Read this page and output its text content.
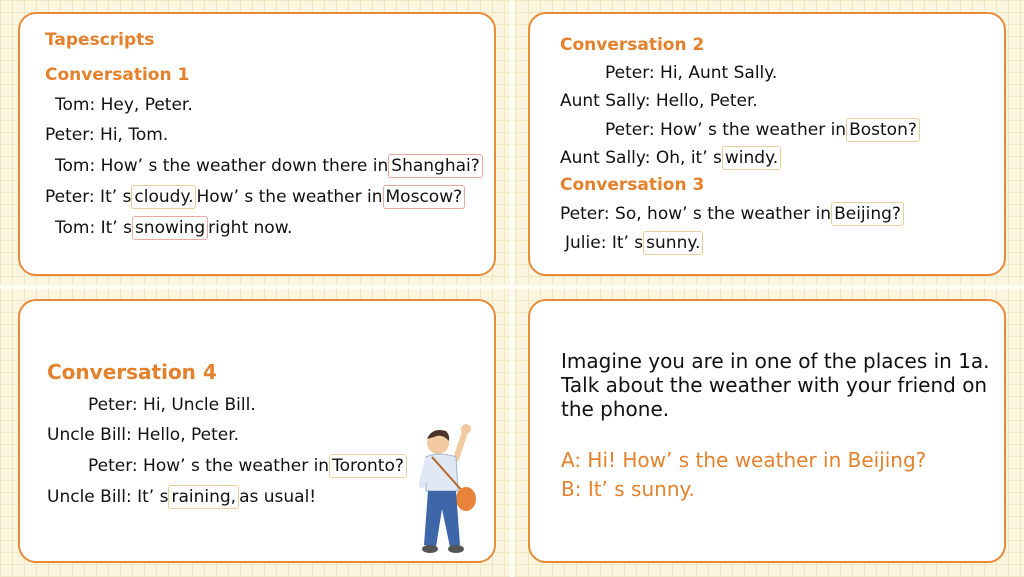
Tapescripts
Conversation 1
Tom: Hey, Peter.
Peter: Hi, Tom.
Tom: How’ s the weather down there in Shanghai?
Peter: It’ s cloudy. How’ s the weather in Moscow?
Tom: It’ s snowing right now.
Conversation 2
Peter: Hi, Aunt Sally.
Aunt Sally: Hello, Peter.
Peter: How’ s the weather in Boston?
Aunt Sally: Oh, it’ s windy.
Conversation 3
Peter: So, how’ s the weather in Beijing?
Julie: It’ s sunny.
Conversation 4
Peter: Hi, Uncle Bill.
Uncle Bill: Hello, Peter.
Peter: How’ s the weather in Toronto?
Uncle Bill: It’ s raining, as usual!
Imagine you are in one of the places in 1a.
Talk about the weather with your friend on
the phone.
A: Hi! How’ s the weather in Beijing?
B: It’ s sunny.
